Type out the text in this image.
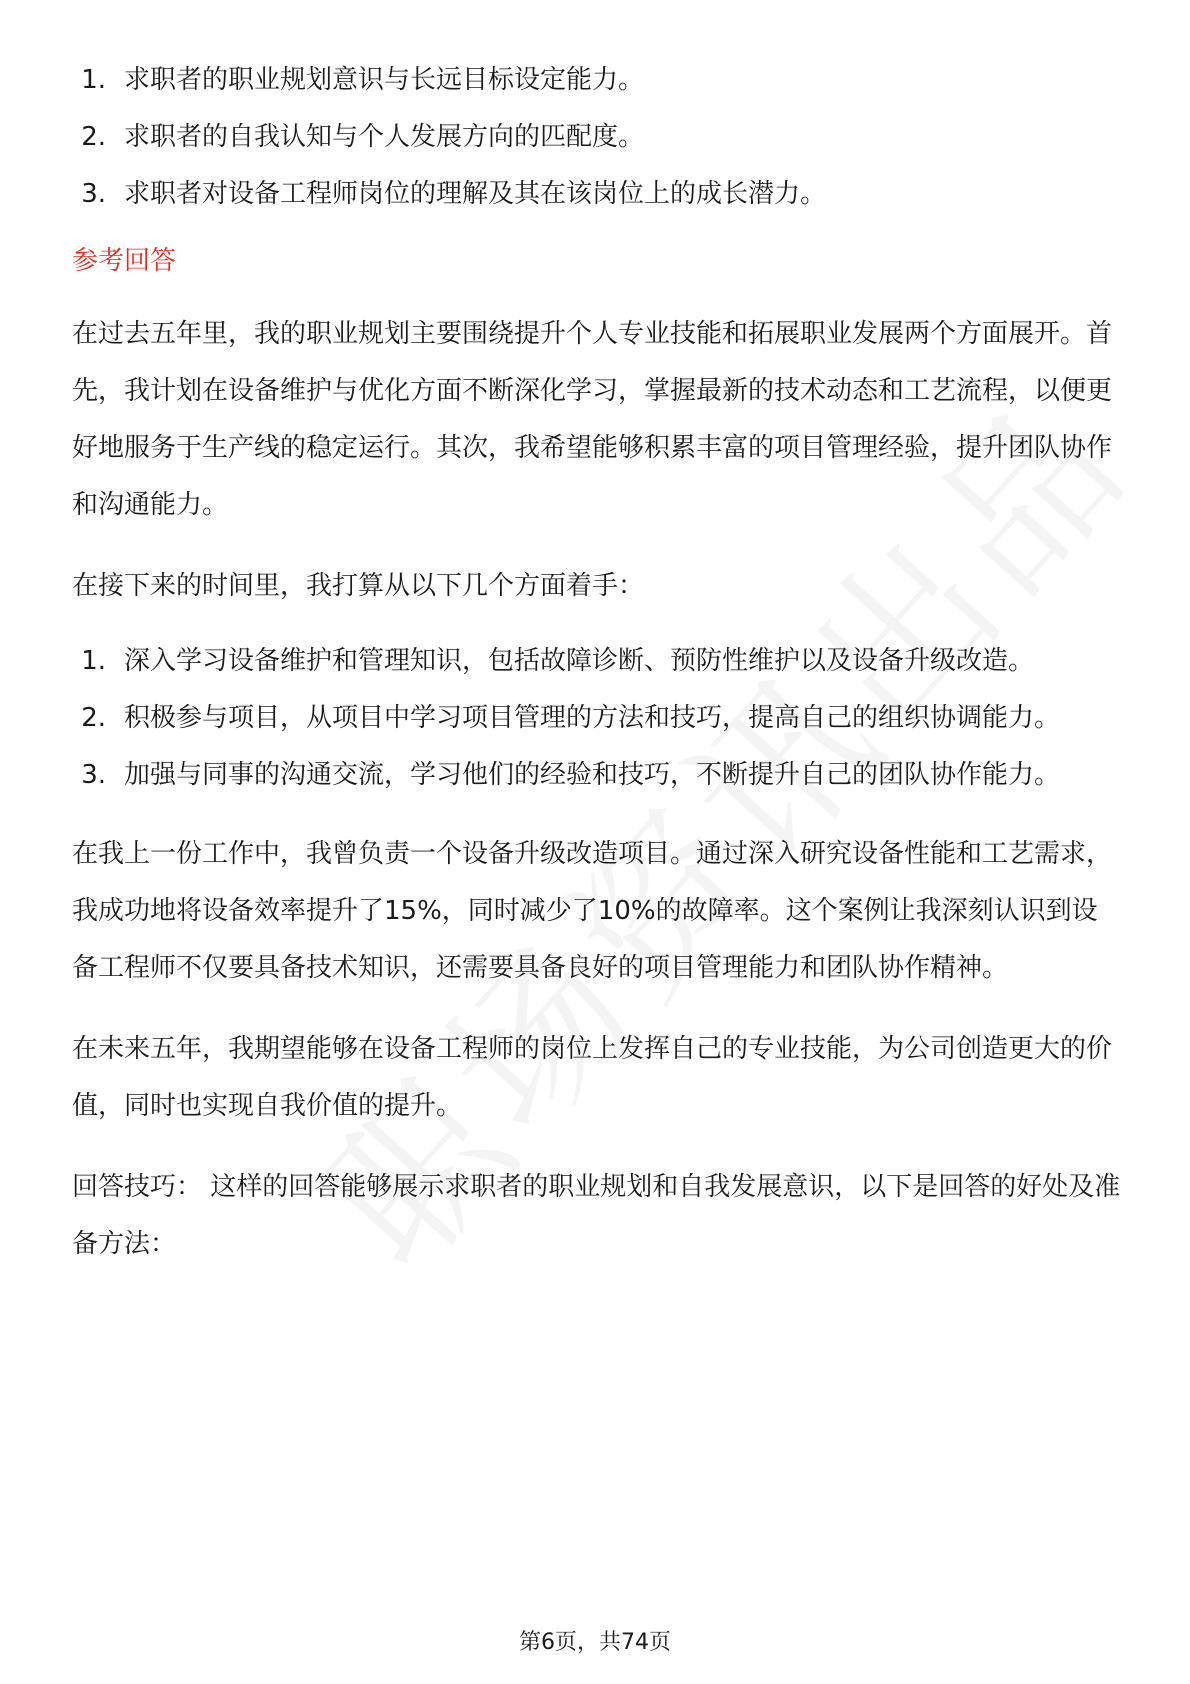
1. 求职者的职业规划意识与长远目标设定能力。
2. 求职者的自我认知与个人发展方向的匹配度。
3. 求职者对设备工程师岗位的理解及其在该岗位上的成长潜力。
参考回答

在过去五年里，我的职业规划主要围绕提升个人专业技能和拓展职业发展两个方面展开。首先，我计划在设备维护与优化方面不断深化学习，掌握最新的技术动态和工艺流程，以便更好地服务于生产线的稳定运行。其次，我希望能够积累丰富的项目管理经验，提升团队协作和沟通能力。

在接下来的时间里，我打算从以下几个方面着手：

1. 深入学习设备维护和管理知识，包括故障诊断、预防性维护以及设备升级改造。
2. 积极参与项目，从项目中学习项目管理的方法和技巧，提高自己的组织协调能力。
3. 加强与同事的沟通交流，学习他们的经验和技巧，不断提升自己的团队协作能力。

在我上一份工作中，我曾负责一个设备升级改造项目。通过深入研究设备性能和工艺需求，我成功地将设备效率提升了15%，同时减少了10%的故障率。这个案例让我深刻认识到设备工程师不仅要具备技术知识，还需要具备良好的项目管理能力和团队协作精神。

在未来五年，我期望能够在设备工程师的岗位上发挥自己的专业技能，为公司创造更大的价值，同时也实现自我价值的提升。

回答技巧： 这样的回答能够展示求职者的职业规划和自我发展意识，以下是回答的好处及准备方法：

第6页，共74页
